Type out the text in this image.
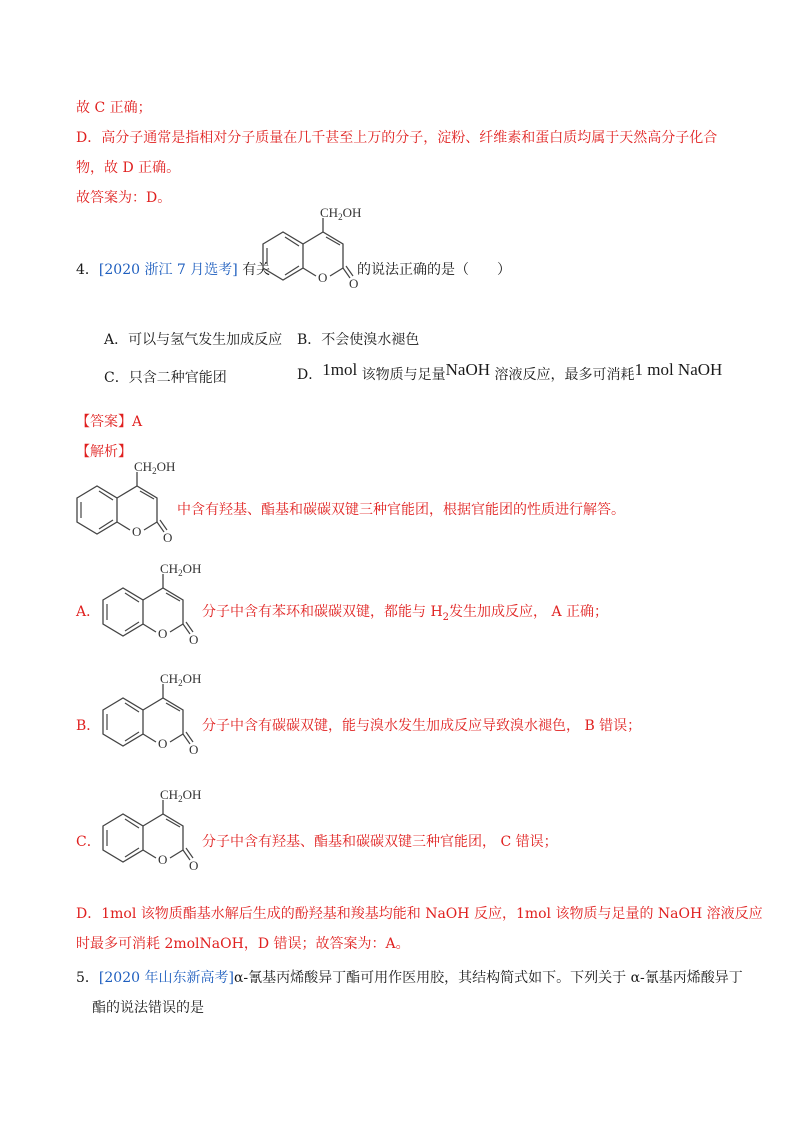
故 C 正确；
D．高分子通常是指相对分子质量在几千甚至上万的分子，淀粉、纤维素和蛋白质均属于天然高分子化合
物，故 D 正确。
故答案为：D。
4．[2020 浙江 7 月选考] 有关	的说法正确的是（　　）
$CH_2OH$
O O
A．可以与氢气发生加成反应 B．不会使溴水褪色
C．只含二种官能团	D．1mol 该物质与足量NaOH 溶液反应，最多可消耗1 mol NaOH
【答案】A
【解析】
$CH_2OH$
O O
中含有羟基、酯基和碳碳双键三种官能团，根据官能团的性质进行解答。
A．
$CH_2OH$
O O
分子中含有苯环和碳碳双键，都能与 $H_2$发生加成反应， A 正确；
B．
$CH_2OH$
O O
分子中含有碳碳双键，能与溴水发生加成反应导致溴水褪色， B 错误；
C．
$CH_2OH$
O O
分子中含有羟基、酯基和碳碳双键三种官能团， C 错误；
D．1mol 该物质酯基水解后生成的酚羟基和羧基均能和 NaOH 反应，1mol 该物质与足量的 NaOH 溶液反应
时最多可消耗 2molNaOH，D 错误；故答案为：A。
5．[2020 年山东新高考]α-氰基丙烯酸异丁酯可用作医用胶，其结构简式如下。下列关于 α-氰基丙烯酸异丁
酯的说法错误的是
